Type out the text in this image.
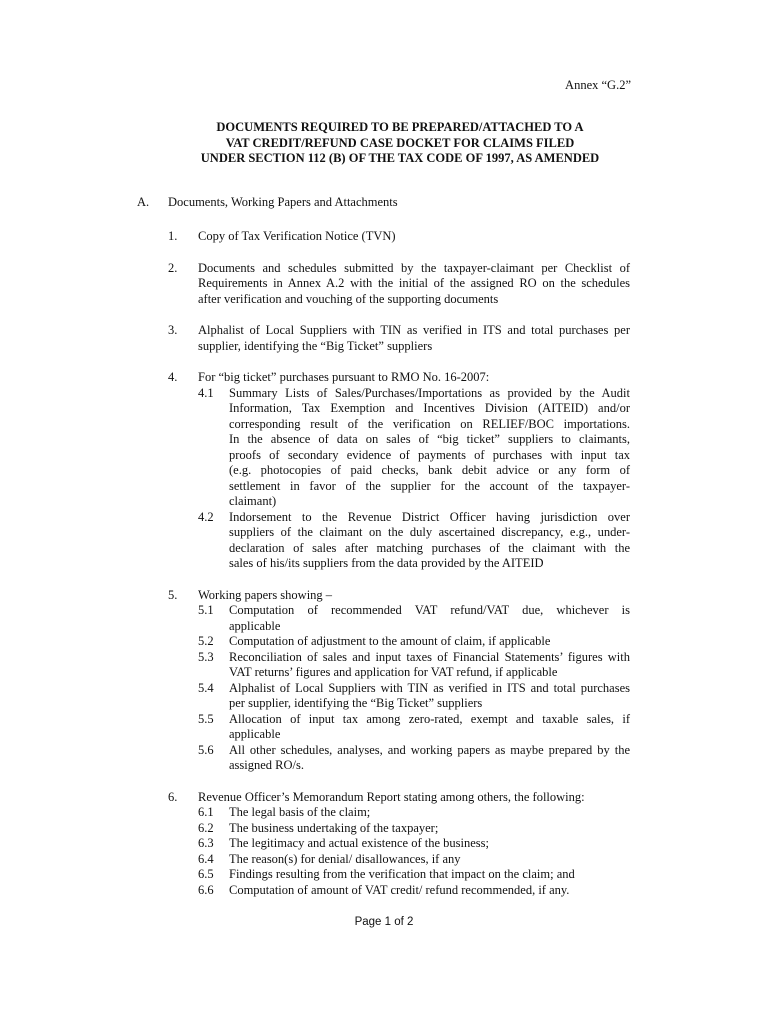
Annex “G.2”
DOCUMENTS REQUIRED TO BE PREPARED/ATTACHED TO A
VAT CREDIT/REFUND CASE DOCKET FOR CLAIMS FILED
UNDER SECTION 112 (B) OF THE TAX CODE OF 1997, AS AMENDED
A. Documents, Working Papers and Attachments
1. Copy of Tax Verification Notice (TVN)
2. Documents and schedules submitted by the taxpayer-claimant per Checklist of
Requirements in Annex A.2 with the initial of the assigned RO on the schedules
after verification and vouching of the supporting documents
3. Alphalist of Local Suppliers with TIN as verified in ITS and total purchases per
supplier, identifying the “Big Ticket” suppliers
4. For “big ticket” purchases pursuant to RMO No. 16-2007:
4.1 Summary Lists of Sales/Purchases/Importations as provided by the Audit
Information, Tax Exemption and Incentives Division (AITEID) and/or
corresponding result of the verification on RELIEF/BOC importations.
In the absence of data on sales of “big ticket” suppliers to claimants,
proofs of secondary evidence of payments of purchases with input tax
(e.g. photocopies of paid checks, bank debit advice or any form of
settlement in favor of the supplier for the account of the taxpayer-
claimant)
4.2 Indorsement to the Revenue District Officer having jurisdiction over
suppliers of the claimant on the duly ascertained discrepancy, e.g., under-
declaration of sales after matching purchases of the claimant with the
sales of his/its suppliers from the data provided by the AITEID
5. Working papers showing –
5.1 Computation of recommended VAT refund/VAT due, whichever is
applicable
5.2 Computation of adjustment to the amount of claim, if applicable
5.3 Reconciliation of sales and input taxes of Financial Statements’ figures with
VAT returns’ figures and application for VAT refund, if applicable
5.4 Alphalist of Local Suppliers with TIN as verified in ITS and total purchases
per supplier, identifying the “Big Ticket” suppliers
5.5 Allocation of input tax among zero-rated, exempt and taxable sales, if
applicable
5.6 All other schedules, analyses, and working papers as maybe prepared by the
assigned RO/s.
6. Revenue Officer’s Memorandum Report stating among others, the following:
6.1 The legal basis of the claim;
6.2 The business undertaking of the taxpayer;
6.3 The legitimacy and actual existence of the business;
6.4 The reason(s) for denial/ disallowances, if any
6.5 Findings resulting from the verification that impact on the claim; and
6.6 Computation of amount of VAT credit/ refund recommended, if any.
Page 1 of 2
